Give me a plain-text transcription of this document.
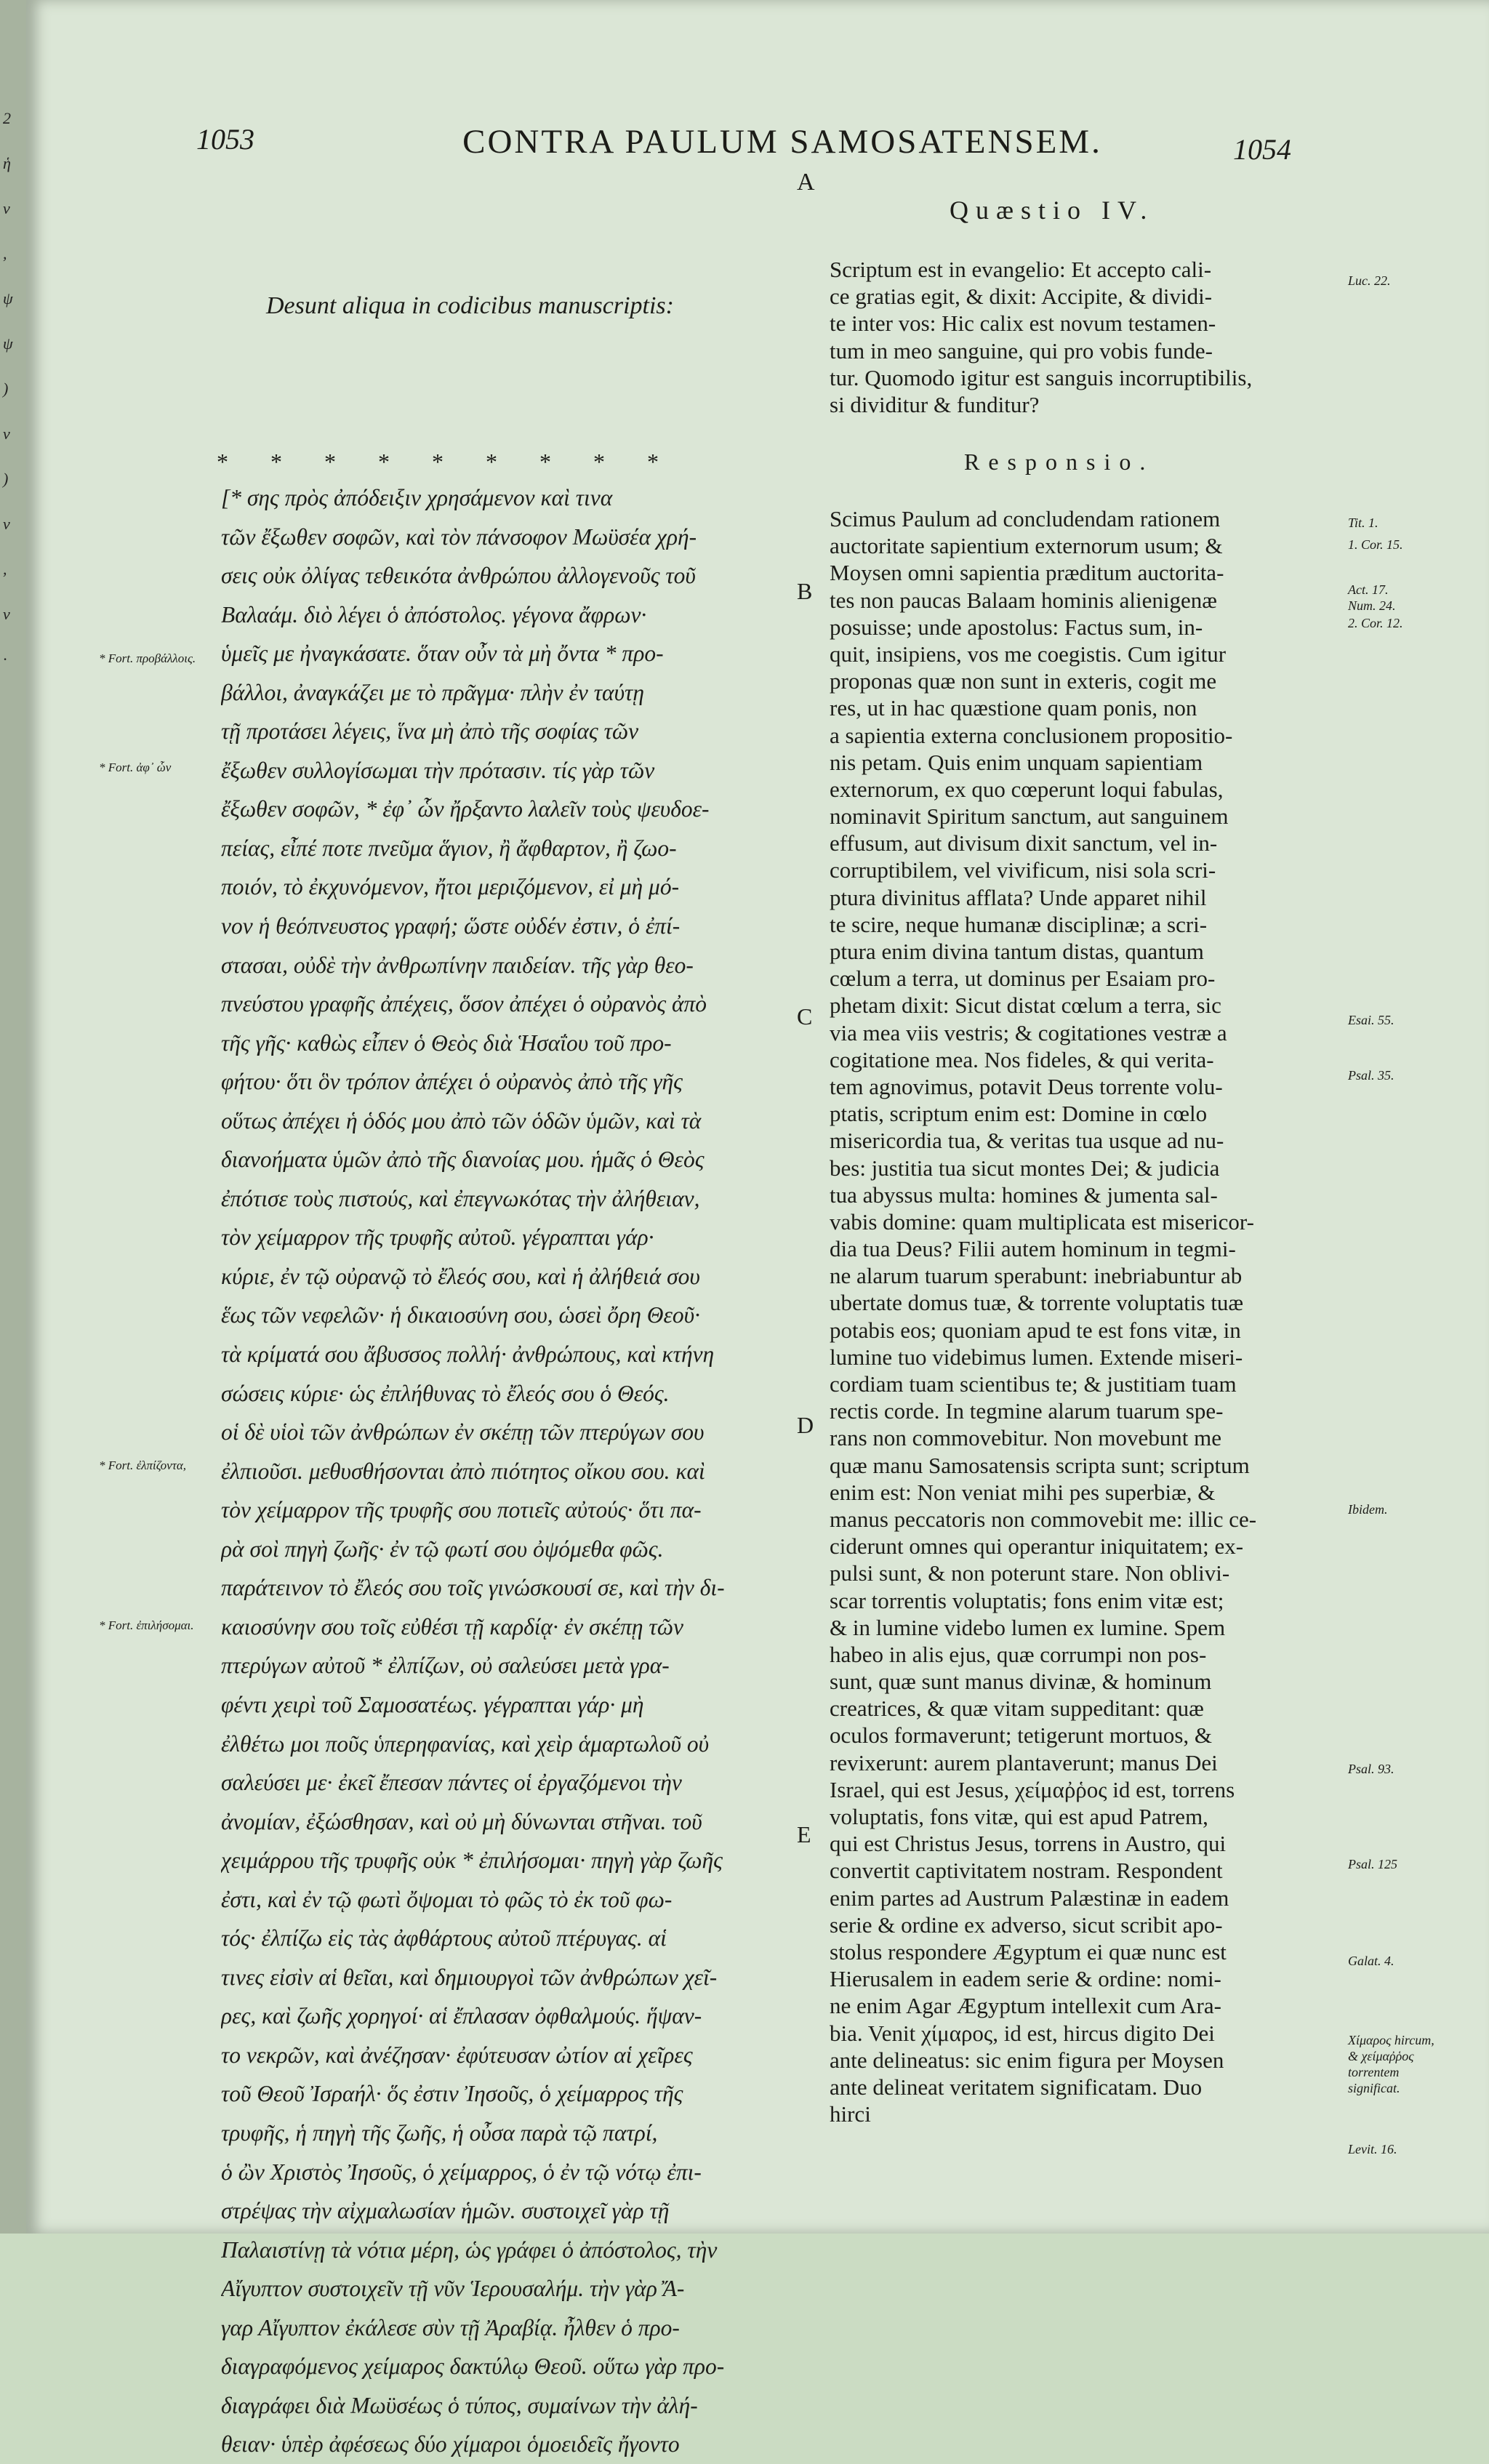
1053	CONTRA PAULUM SAMOSATENSEM.	1054
A
Desunt aliqua in codicibus manuscriptis:
*********
[* σης πρὸς ἀπόδειξιν χρησάμενον καὶ τινα
τῶν ἔξωθεν σοφῶν, καὶ τὸν πάνσοφον Μωϋσέα χρή-
σεις οὐκ ὀλίγας τεθεικότα ἀνθρώπου ἀλλογενοῦς τοῦ
Βαλαάμ. διὸ λέγει ὁ ἀπόστολος. γέγονα ἄφρων·
ὑμεῖς με ἠναγκάσατε. ὅταν οὖν τὰ μὴ ὄντα * προ-
βάλλοι, ἀναγκάζει με τὸ πρᾶγμα· πλὴν ἐν ταύτῃ
τῇ προτάσει λέγεις, ἵνα μὴ ἀπὸ τῆς σοφίας τῶν
ἔξωθεν συλλογίσωμαι τὴν πρότασιν. τίς γὰρ τῶν
ἔξωθεν σοφῶν, * ἐφ᾽ ὧν ἤρξαντο λαλεῖν τοὺς ψευδοε-
πείας, εἶπέ ποτε πνεῦμα ἅγιον, ἢ ἄφθαρτον, ἢ ζωο-
ποιόν, τὸ ἐκχυνόμενον, ἤτοι μεριζόμενον, εἰ μὴ μό-
νον ἡ θεόπνευστος γραφή; ὥστε οὐδέν ἐστιν, ὁ ἐπί-
στασαι, οὐδὲ τὴν ἀνθρωπίνην παιδείαν. τῆς γὰρ θεο-
πνεύστου γραφῆς ἀπέχεις, ὅσον ἀπέχει ὁ οὐρανὸς ἀπὸ
τῆς γῆς· καθὼς εἶπεν ὁ Θεὸς διὰ Ἡσαΐου τοῦ προ-
φήτου· ὅτι ὃν τρόπον ἀπέχει ὁ οὐρανὸς ἀπὸ τῆς γῆς
οὕτως ἀπέχει ἡ ὁδός μου ἀπὸ τῶν ὁδῶν ὑμῶν, καὶ τὰ
διανοήματα ὑμῶν ἀπὸ τῆς διανοίας μου. ἡμᾶς ὁ Θεὸς
ἐπότισε τοὺς πιστούς, καὶ ἐπεγνωκότας τὴν ἀλήθειαν,
τὸν χείμαρρον τῆς τρυφῆς αὐτοῦ. γέγραπται γάρ·
κύριε, ἐν τῷ οὐρανῷ τὸ ἔλεός σου, καὶ ἡ ἀλήθειά σου
ἕως τῶν νεφελῶν· ἡ δικαιοσύνη σου, ὡσεὶ ὄρη Θεοῦ·
τὰ κρίματά σου ἄβυσσος πολλή· ἀνθρώπους, καὶ κτήνη
σώσεις κύριε· ὡς ἐπλήθυνας τὸ ἔλεός σου ὁ Θεός.
οἱ δὲ υἱοὶ τῶν ἀνθρώπων ἐν σκέπῃ τῶν πτερύγων σου
ἐλπιοῦσι. μεθυσθήσονται ἀπὸ πιότητος οἴκου σου. καὶ
τὸν χείμαρρον τῆς τρυφῆς σου ποτιεῖς αὐτούς· ὅτι πα-
ρὰ σοὶ πηγὴ ζωῆς· ἐν τῷ φωτί σου ὀψόμεθα φῶς.
παράτεινον τὸ ἔλεός σου τοῖς γινώσκουσί σε, καὶ τὴν δι-
καιοσύνην σου τοῖς εὐθέσι τῇ καρδίᾳ· ἐν σκέπῃ τῶν
πτερύγων αὐτοῦ * ἐλπίζων, οὐ σαλεύσει μετὰ γρα-
φέντι χειρὶ τοῦ Σαμοσατέως. γέγραπται γάρ· μὴ
ἐλθέτω μοι ποῦς ὑπερηφανίας, καὶ χεὶρ ἁμαρτωλοῦ οὐ
σαλεύσει με· ἐκεῖ ἔπεσαν πάντες οἱ ἐργαζόμενοι τὴν
ἀνομίαν, ἐξώσθησαν, καὶ οὐ μὴ δύνωνται στῆναι. τοῦ
χειμάρρου τῆς τρυφῆς οὐκ * ἐπιλήσομαι· πηγὴ γὰρ ζωῆς
ἐστι, καὶ ἐν τῷ φωτὶ ὄψομαι τὸ φῶς τὸ ἐκ τοῦ φω-
τός· ἐλπίζω εἰς τὰς ἀφθάρτους αὐτοῦ πτέρυγας. αἱ
τινες εἰσὶν αἱ θεῖαι, καὶ δημιουργοὶ τῶν ἀνθρώπων χεῖ-
ρες, καὶ ζωῆς χορηγοί· αἱ ἔπλασαν ὀφθαλμούς. ἥψαν-
το νεκρῶν, καὶ ἀνέζησαν· ἐφύτευσαν ὠτίον αἱ χεῖρες
τοῦ Θεοῦ Ἰσραήλ· ὅς ἐστιν Ἰησοῦς, ὁ χείμαρρος τῆς
τρυφῆς, ἡ πηγὴ τῆς ζωῆς, ἡ οὖσα παρὰ τῷ πατρί,
ὁ ὢν Χριστὸς Ἰησοῦς, ὁ χείμαρρος, ὁ ἐν τῷ νότῳ ἐπι-
στρέψας τὴν αἰχμαλωσίαν ἡμῶν. συστοιχεῖ γὰρ τῇ
Παλαιστίνῃ τὰ νότια μέρη, ὡς γράφει ὁ ἀπόστολος, τὴν
Αἴγυπτον συστοιχεῖν τῇ νῦν Ἱερουσαλήμ. τὴν γὰρ Ἄ-
γαρ Αἴγυπτον ἐκάλεσε σὺν τῇ Ἀραβίᾳ. ἦλθεν ὁ προ-
διαγραφόμενος χείμαρος δακτύλῳ Θεοῦ. οὕτω γὰρ προ-
διαγράφει διὰ Μωϋσέως ὁ τύπος, συμαίνων τὴν ἀλή-
θειαν· ὑπὲρ ἀφέσεως δύο χίμαροι ὁμοειδεῖς ἤγοντο
* Fort. προβάλλοις.
* Fort. ἀφ᾽ ὧν
* Fort. ἐλπίζοντα,
* Fort. ἐπιλήσομαι.
B
C
D
E
Quæstio IV.
Scriptum est in evangelio: Et accepto cali-
ce gratias egit, & dixit: Accipite, & dividi-
te inter vos: Hic calix est novum testamen-
tum in meo sanguine, qui pro vobis funde-
tur. Quomodo igitur est sanguis incorruptibilis,
si dividitur & funditur?
Responsio.
Scimus Paulum ad concludendam rationem
auctoritate sapientium externorum usum; &
Moysen omni sapientia præditum auctorita-
tes non paucas Balaam hominis alienigenæ
posuisse; unde apostolus: Factus sum, in-
quit, insipiens, vos me coegistis. Cum igitur
proponas quæ non sunt in exteris, cogit me
res, ut in hac quæstione quam ponis, non
a sapientia externa conclusionem propositio-
nis petam. Quis enim unquam sapientiam
externorum, ex quo cœperunt loqui fabulas,
nominavit Spiritum sanctum, aut sanguinem
effusum, aut divisum dixit sanctum, vel in-
corruptibilem, vel vivificum, nisi sola scri-
ptura divinitus afflata? Unde apparet nihil
te scire, neque humanæ disciplinæ; a scri-
ptura enim divina tantum distas, quantum
cœlum a terra, ut dominus per Esaiam pro-
phetam dixit: Sicut distat cœlum a terra, sic
via mea viis vestris; & cogitationes vestræ a
cogitatione mea. Nos fideles, & qui verita-
tem agnovimus, potavit Deus torrente volu-
ptatis, scriptum enim est: Domine in cœlo
misericordia tua, & veritas tua usque ad nu-
bes: justitia tua sicut montes Dei; & judicia
tua abyssus multa: homines & jumenta sal-
vabis domine: quam multiplicata est misericor-
dia tua Deus? Filii autem hominum in tegmi-
ne alarum tuarum sperabunt: inebriabuntur ab
ubertate domus tuæ, & torrente voluptatis tuæ
potabis eos; quoniam apud te est fons vitæ, in
lumine tuo videbimus lumen. Extende miseri-
cordiam tuam scientibus te; & justitiam tuam
rectis corde. In tegmine alarum tuarum spe-
rans non commovebitur. Non movebunt me
quæ manu Samosatensis scripta sunt; scriptum
enim est: Non veniat mihi pes superbiæ, &
manus peccatoris non commovebit me: illic ce-
ciderunt omnes qui operantur iniquitatem; ex-
pulsi sunt, & non poterunt stare. Non oblivi-
scar torrentis voluptatis; fons enim vitæ est;
& in lumine videbo lumen ex lumine. Spem
habeo in alis ejus, quæ corrumpi non pos-
sunt, quæ sunt manus divinæ, & hominum
creatrices, & quæ vitam suppeditant: quæ
oculos formaverunt; tetigerunt mortuos, &
revixerunt: aurem plantaverunt; manus Dei
Israel, qui est Jesus, χείμαῤῥος id est, torrens
voluptatis, fons vitæ, qui est apud Patrem,
qui est Christus Jesus, torrens in Austro, qui
convertit captivitatem nostram. Respondent
enim partes ad Austrum Palæstinæ in eadem
serie & ordine ex adverso, sicut scribit apo-
stolus respondere Ægyptum ei quæ nunc est
Hierusalem in eadem serie & ordine: nomi-
ne enim Agar Ægyptum intellexit cum Ara-
bia. Venit χίμαρος, id est, hircus digito Dei
ante delineatus: sic enim figura per Moysen
ante delineat veritatem significatam. Duo
hirci
Luc. 22.
Tit. 1.
1. Cor. 15.
Act. 17.
Num. 24.
2. Cor. 12.
Esai. 55.
Psal. 35.
Ibidem.
Psal. 93.
Psal. 125
Galat. 4.
Χίμαρος hircum, & χείμαῤῥος torrentem significat.
Levit. 16.
2
ἡ
ν
,
ψ
ψ
)
ν
)
ν
,
ν
·
